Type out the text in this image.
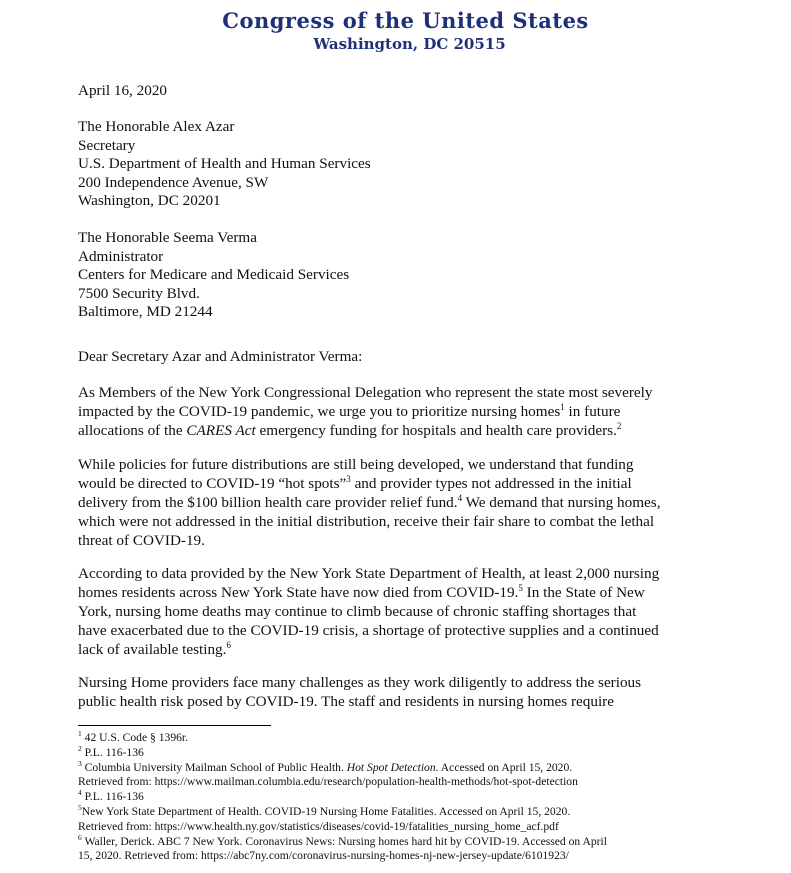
Congress of the United States
Washington, DC 20515
April 16, 2020
The Honorable Alex Azar
Secretary
U.S. Department of Health and Human Services
200 Independence Avenue, SW
Washington, DC 20201
The Honorable Seema Verma
Administrator
Centers for Medicare and Medicaid Services
7500 Security Blvd.
Baltimore, MD 21244
Dear Secretary Azar and Administrator Verma:
As Members of the New York Congressional Delegation who represent the state most severely
impacted by the COVID-19 pandemic, we urge you to prioritize nursing homes$^1$ in future
allocations of the CARES Act emergency funding for hospitals and health care providers.$^2$
While policies for future distributions are still being developed, we understand that funding
would be directed to COVID-19 “hot spots”$^3$ and provider types not addressed in the initial
delivery from the $100 billion health care provider relief fund.$^4$ We demand that nursing homes,
which were not addressed in the initial distribution, receive their fair share to combat the lethal
threat of COVID-19.
According to data provided by the New York State Department of Health, at least 2,000 nursing
homes residents across New York State have now died from COVID-19.$^5$ In the State of New
York, nursing home deaths may continue to climb because of chronic staffing shortages that
have exacerbated due to the COVID-19 crisis, a shortage of protective supplies and a continued
lack of available testing.$^6$
Nursing Home providers face many challenges as they work diligently to address the serious
public health risk posed by COVID-19. The staff and residents in nursing homes require
$^1$ 42 U.S. Code § 1396r.
$^2$ P.L. 116-136
$^3$ Columbia University Mailman School of Public Health. Hot Spot Detection. Accessed on April 15, 2020.
Retrieved from: https://www.mailman.columbia.edu/research/population-health-methods/hot-spot-detection
$^4$ P.L. 116-136
$^5$New York State Department of Health. COVID-19 Nursing Home Fatalities. Accessed on April 15, 2020.
Retrieved from: https://www.health.ny.gov/statistics/diseases/covid-19/fatalities_nursing_home_acf.pdf
$^6$ Waller, Derick. ABC 7 New York. Coronavirus News: Nursing homes hard hit by COVID-19. Accessed on April
15, 2020. Retrieved from: https://abc7ny.com/coronavirus-nursing-homes-nj-new-jersey-update/6101923/
